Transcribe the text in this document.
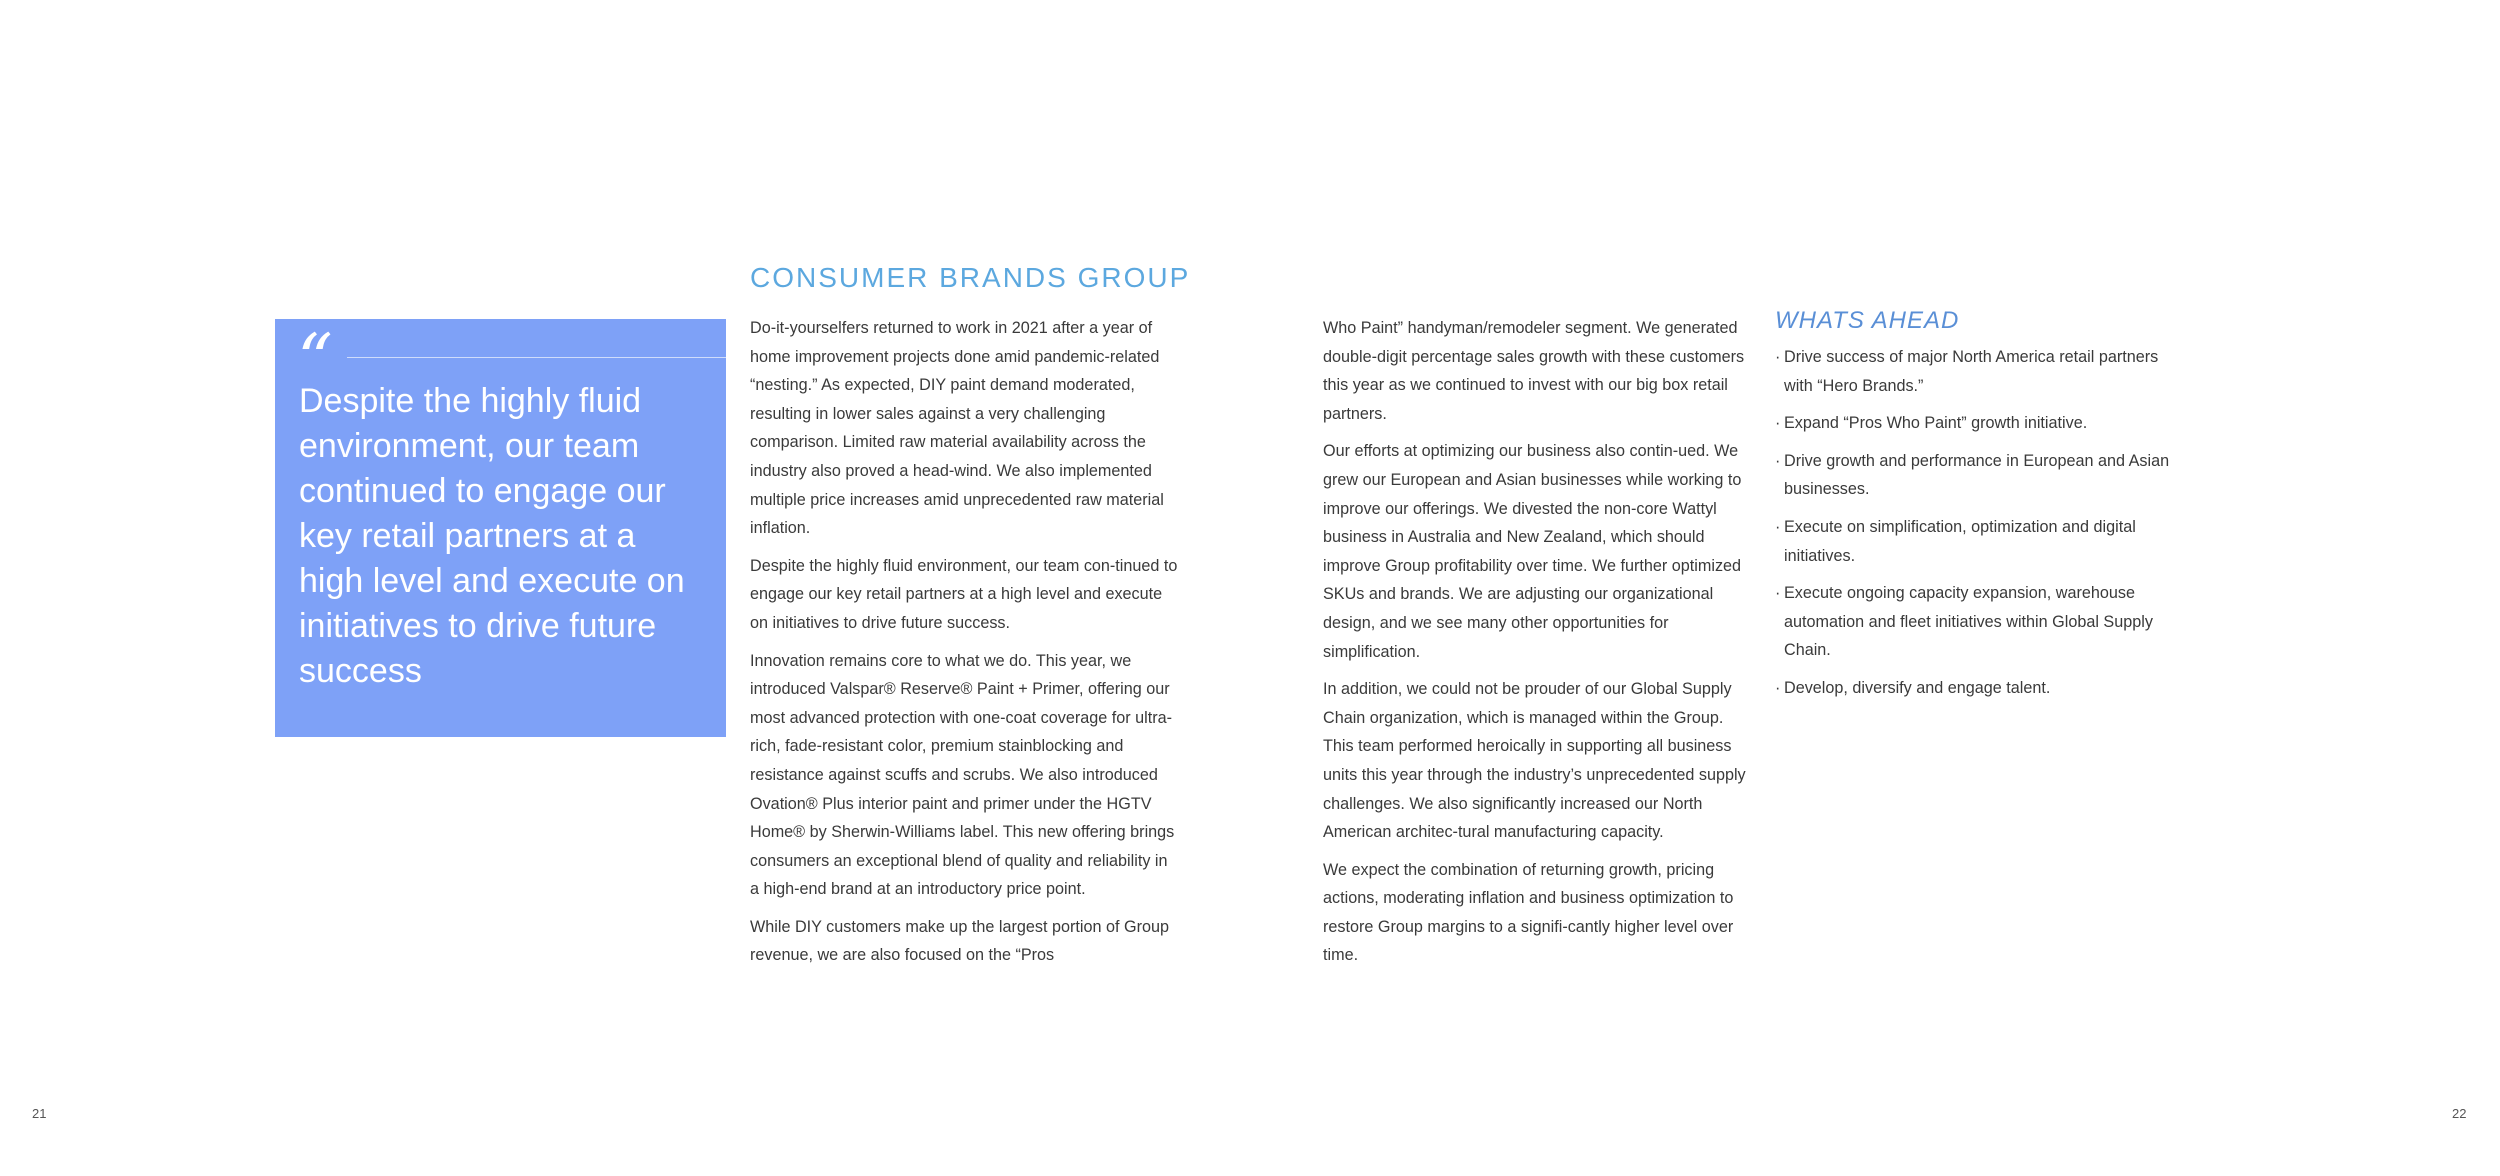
“
Despite the highly fluid environment, our team continued to engage our key retail partners at a high level and execute on initiatives to drive future success
CONSUMER BRANDS GROUP

Do-it-yourselfers returned to work in 2021 after a year of home improvement projects done amid pandemic-related “nesting.” As expected, DIY paint demand moderated, resulting in lower sales against a very challenging comparison. Limited raw material availability across the industry also proved a head-wind. We also implemented multiple price increases amid unprecedented raw material inflation.

Despite the highly fluid environment, our team con-tinued to engage our key retail partners at a high level and execute on initiatives to drive future success.

Innovation remains core to what we do. This year, we introduced Valspar® Reserve® Paint + Primer, offering our most advanced protection with one-coat coverage for ultra-rich, fade-resistant color, premium stainblocking and resistance against scuffs and scrubs. We also introduced Ovation® Plus interior paint and primer under the HGTV Home® by Sherwin-Williams label. This new offering brings consumers an exceptional blend of quality and reliability in a high-end brand at an introductory price point.

While DIY customers make up the largest portion of Group revenue, we are also focused on the “Pros

Who Paint” handyman/remodeler segment. We generated double-digit percentage sales growth with these customers this year as we continued to invest with our big box retail partners.

Our efforts at optimizing our business also contin-ued. We grew our European and Asian businesses while working to improve our offerings. We divested the non-core Wattyl business in Australia and New Zealand, which should improve Group profitability over time. We further optimized SKUs and brands. We are adjusting our organizational design, and we see many other opportunities for simplification.

In addition, we could not be prouder of our Global Supply Chain organization, which is managed within the Group. This team performed heroically in supporting all business units this year through the industry’s unprecedented supply challenges. We also significantly increased our North American architec-tural manufacturing capacity.

We expect the combination of returning growth, pricing actions, moderating inflation and business optimization to restore Group margins to a signifi-cantly higher level over time.

WHATS AHEAD
· Drive success of major North America retail partners with “Hero Brands.”
· Expand “Pros Who Paint” growth initiative.
· Drive growth and performance in European and Asian businesses.
· Execute on simplification, optimization and digital initiatives.
· Execute ongoing capacity expansion, warehouse automation and fleet initiatives within Global Supply Chain.
· Develop, diversify and engage talent.
21	22
